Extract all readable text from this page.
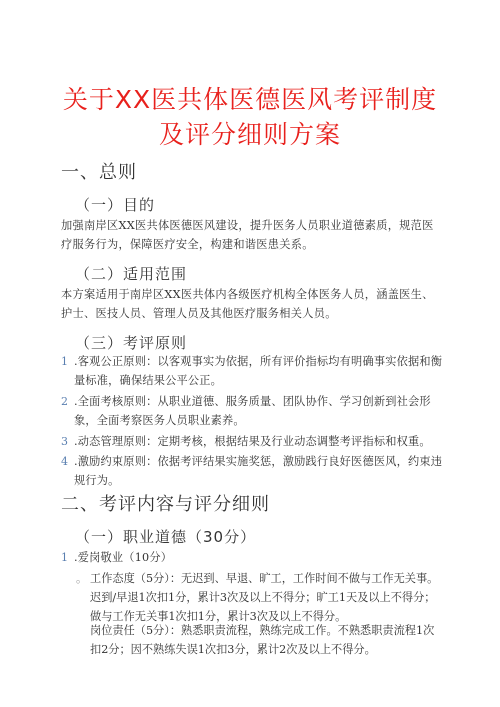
关于XX医共体医德医风考评制度
及评分细则方案
一、总则
（一）目的
加强南岸区XX医共体医德医风建设，提升医务人员职业道德素质，规范医疗服务行为，保障医疗安全，构建和谐医患关系。
（二）适用范围
本方案适用于南岸区XX医共体内各级医疗机构全体医务人员，涵盖医生、护士、医技人员、管理人员及其他医疗服务相关人员。
（三）考评原则
1 .客观公正原则：以客观事实为依据，所有评价指标均有明确事实依据和衡量标准，确保结果公平公正。
2 .全面考核原则：从职业道德、服务质量、团队协作、学习创新到社会形象，全面考察医务人员职业素养。
3 .动态管理原则：定期考核，根据结果及行业动态调整考评指标和权重。
4 .激励约束原则：依据考评结果实施奖惩，激励践行良好医德医风，约束违规行为。
二、考评内容与评分细则
（一）职业道德（30分）
1 .爱岗敬业（10分）
。 工作态度（5分）：无迟到、早退、旷工，工作时间不做与工作无关事。迟到/早退1次扣1分，累计3次及以上不得分；旷工1天及以上不得分；做与工作无关事1次扣1分，累计3次及以上不得分。
岗位责任（5分）：熟悉职责流程，熟练完成工作。不熟悉职责流程1次扣2分；因不熟练失误1次扣3分，累计2次及以上不得分。
